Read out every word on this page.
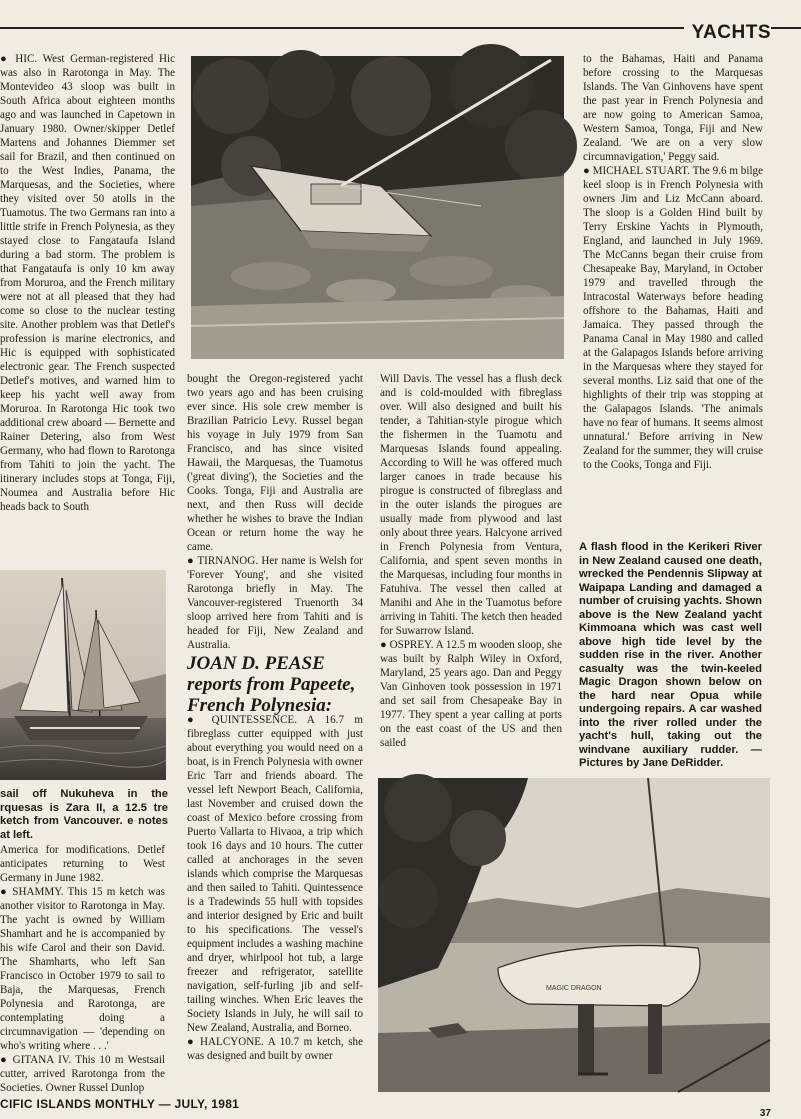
YACHTS

● HIC. West German-registered Hic was also in Rarotonga in May. The Montevideo 43 sloop was built in South Africa about eighteen months ago and was launched in Capetown in January 1980. Owner/skipper Detlef Martens and Johannes Diemmer set sail for Brazil, and then continued on to the West Indies, Panama, the Marquesas, and the Societies, where they visited over 50 atolls in the Tuamotus. The two Germans ran into a little strife in French Polynesia, as they stayed close to Fangataufa Island during a bad storm. The problem is that Fangataufa is only 10 km away from Moruroa, and the French military were not at all pleased that they had come so close to the nuclear testing site. Another problem was that Detlef's profession is marine electronics, and Hic is equipped with sophisticated electronic gear. The French suspected Detlef's motives, and warned him to keep his yacht well away from Moruroa. In Rarotonga Hic took two additional crew aboard — Bernette and Rainer Detering, also from West Germany, who had flown to Rarotonga from Tahiti to join the yacht. The itinerary includes stops at Tonga, Fiji, Noumea and Australia before Hic heads back to South

sail off Nukuheva in the rquesas is Zara II, a 12.5 tre ketch from Vancouver. e notes at left.

America for modifications. Detlef anticipates returning to West Germany in June 1982.

● SHAMMY. This 15 m ketch was another visitor to Rarotonga in May. The yacht is owned by William Shamhart and he is accompanied by his wife Carol and their son David. The Shamharts, who left San Francisco in October 1979 to sail to Baja, the Marquesas, French Polynesia and Rarotonga, are contemplating doing a circumnavigation — 'depending on who's writing where . . .'

● GITANA IV. This 10 m Westsail cutter, arrived Rarotonga from the Societies. Owner Russel Dunlop

bought the Oregon-registered yacht two years ago and has been cruising ever since. His sole crew member is Brazilian Patricio Levy. Russel began his voyage in July 1979 from San Francisco, and has since visited Hawaii, the Marquesas, the Tuamotus ('great diving'), the Societies and the Cooks. Tonga, Fiji and Australia are next, and then Russ will decide whether he wishes to brave the Indian Ocean or return home the way he came.

● TIRNANOG. Her name is Welsh for 'Forever Young', and she visited Rarotonga briefly in May. The Vancouver-registered Truenorth 34 sloop arrived here from Tahiti and is headed for Fiji, New Zealand and Australia.

JOAN D. PEASE reports from Papeete, French Polynesia:

● QUINTESSENCE. A 16.7 m fibreglass cutter equipped with just about everything you would need on a boat, is in French Polynesia with owner Eric Tarr and friends aboard. The vessel left Newport Beach, California, last November and cruised down the coast of Mexico before crossing from Puerto Vallarta to Hivaoa, a trip which took 16 days and 10 hours. The cutter called at anchorages in the seven islands which comprise the Marquesas and then sailed to Tahiti. Quintessence is a Tradewinds 55 hull with topsides and interior designed by Eric and built to his specifications. The vessel's equipment includes a washing machine and dryer, whirlpool hot tub, a large freezer and refrigerator, satellite navigation, self-furling jib and self-tailing winches. When Eric leaves the Society Islands in July, he will sail to New Zealand, Australia, and Borneo.

● HALCYONE. A 10.7 m ketch, she was designed and built by owner

Will Davis. The vessel has a flush deck and is cold-moulded with fibreglass over. Will also designed and built his tender, a Tahitian-style pirogue which the fishermen in the Tuamotu and Marquesas Islands found appealing. According to Will he was offered much larger canoes in trade because his pirogue is constructed of fibreglass and in the outer islands the pirogues are usually made from plywood and last only about three years. Halcyone arrived in French Polynesia from Ventura, California, and spent seven months in the Marquesas, including four months in Fatuhiva. The vessel then called at Manihi and Ahe in the Tuamotus before arriving in Tahiti. The ketch then headed for Suwarrow Island.

● OSPREY. A 12.5 m wooden sloop, she was built by Ralph Wiley in Oxford, Maryland, 25 years ago. Dan and Peggy Van Ginhoven took possession in 1971 and set sail from Chesapeake Bay in 1977. They spent a year calling at ports on the east coast of the US and then sailed

to the Bahamas, Haiti and Panama before crossing to the Marquesas Islands. The Van Ginhovens have spent the past year in French Polynesia and are now going to American Samoa, Western Samoa, Tonga, Fiji and New Zealand. 'We are on a very slow circumnavigation,' Peggy said.

● MICHAEL STUART. The 9.6 m bilge keel sloop is in French Polynesia with owners Jim and Liz McCann aboard. The sloop is a Golden Hind built by Terry Erskine Yachts in Plymouth, England, and launched in July 1969. The McCanns began their cruise from Chesapeake Bay, Maryland, in October 1979 and travelled through the Intracostal Waterways before heading offshore to the Bahamas, Haiti and Jamaica. They passed through the Panama Canal in May 1980 and called at the Galapagos Islands before arriving in the Marquesas where they stayed for several months. Liz said that one of the highlights of their trip was stopping at the Galapagos Islands. 'The animals have no fear of humans. It seems almost unnatural.' Before arriving in New Zealand for the summer, they will cruise to the Cooks, Tonga and Fiji.

A flash flood in the Kerikeri River in New Zealand caused one death, wrecked the Pendennis Slipway at Waipapa Landing and damaged a number of cruising yachts. Shown above is the New Zealand yacht Kimmoana which was cast well above high tide level by the sudden rise in the river. Another casualty was the twin-keeled Magic Dragon shown below on the hard near Opua while undergoing repairs. A car washed into the river rolled under the yacht's hull, taking out the windvane auxiliary rudder. — Pictures by Jane DeRidder.
MAGIC DRAGON
CIFIC ISLANDS MONTHLY — JULY, 1981
37
